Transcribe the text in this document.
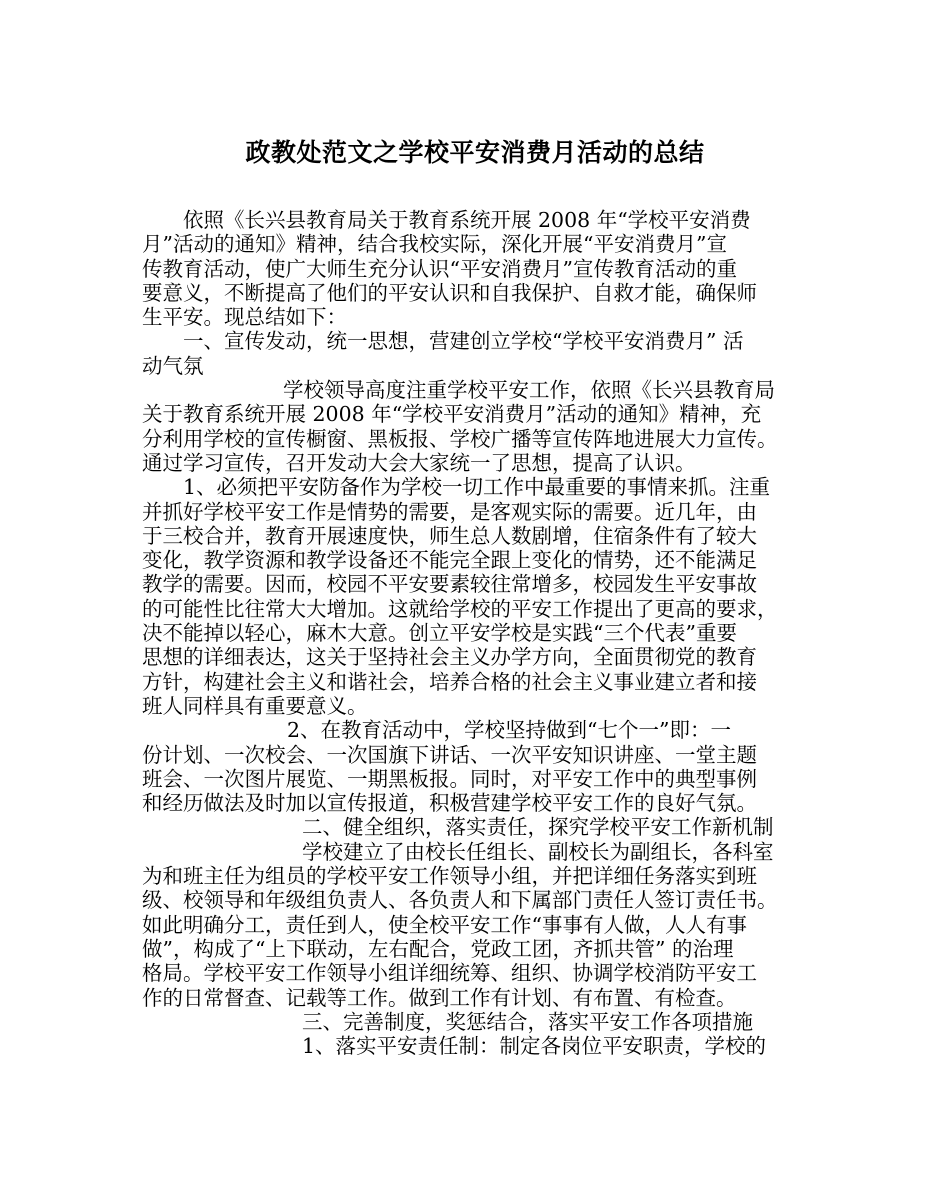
政教处范文之学校平安消费月活动的总结
依照《长兴县教育局关于教育系统开展 2008 年“学校平安消费
月”活动的通知》精神，结合我校实际，深化开展“平安消费月”宣
传教育活动，使广大师生充分认识“平安消费月”宣传教育活动的重
要意义，不断提高了他们的平安认识和自我保护、自救才能，确保师
生平安。现总结如下：
一、宣传发动，统一思想，营建创立学校“学校平安消费月” 活
动气氛
学校领导高度注重学校平安工作，依照《长兴县教育局
关于教育系统开展 2008 年“学校平安消费月”活动的通知》精神，充
分利用学校的宣传橱窗、黑板报、学校广播等宣传阵地进展大力宣传。
通过学习宣传，召开发动大会大家统一了思想，提高了认识。
1、必须把平安防备作为学校一切工作中最重要的事情来抓。注重
并抓好学校平安工作是情势的需要，是客观实际的需要。近几年，由
于三校合并，教育开展速度快，师生总人数剧增，住宿条件有了较大
变化，教学资源和教学设备还不能完全跟上变化的情势，还不能满足
教学的需要。因而，校园不平安要素较往常增多，校园发生平安事故
的可能性比往常大大增加。这就给学校的平安工作提出了更高的要求，
决不能掉以轻心，麻木大意。创立平安学校是实践“三个代表”重要
思想的详细表达，这关于坚持社会主义办学方向，全面贯彻党的教育
方针，构建社会主义和谐社会，培养合格的社会主义事业建立者和接
班人同样具有重要意义。
2、在教育活动中，学校坚持做到“七个一”即：一
份计划、一次校会、一次国旗下讲话、一次平安知识讲座、一堂主题
班会、一次图片展览、一期黑板报。同时，对平安工作中的典型事例
和经历做法及时加以宣传报道，积极营建学校平安工作的良好气氛。
二、健全组织，落实责任，探究学校平安工作新机制
学校建立了由校长任组长、副校长为副组长，各科室
为和班主任为组员的学校平安工作领导小组，并把详细任务落实到班
级、校领导和年级组负责人、各负责人和下属部门责任人签订责任书。
如此明确分工，责任到人，使全校平安工作“事事有人做，人人有事
做”，构成了“上下联动，左右配合，党政工团，齐抓共管” 的治理
格局。学校平安工作领导小组详细统筹、组织、协调学校消防平安工
作的日常督查、记载等工作。做到工作有计划、有布置、有检查。
三、完善制度，奖惩结合，落实平安工作各项措施
1、落实平安责任制：制定各岗位平安职责，学校的
